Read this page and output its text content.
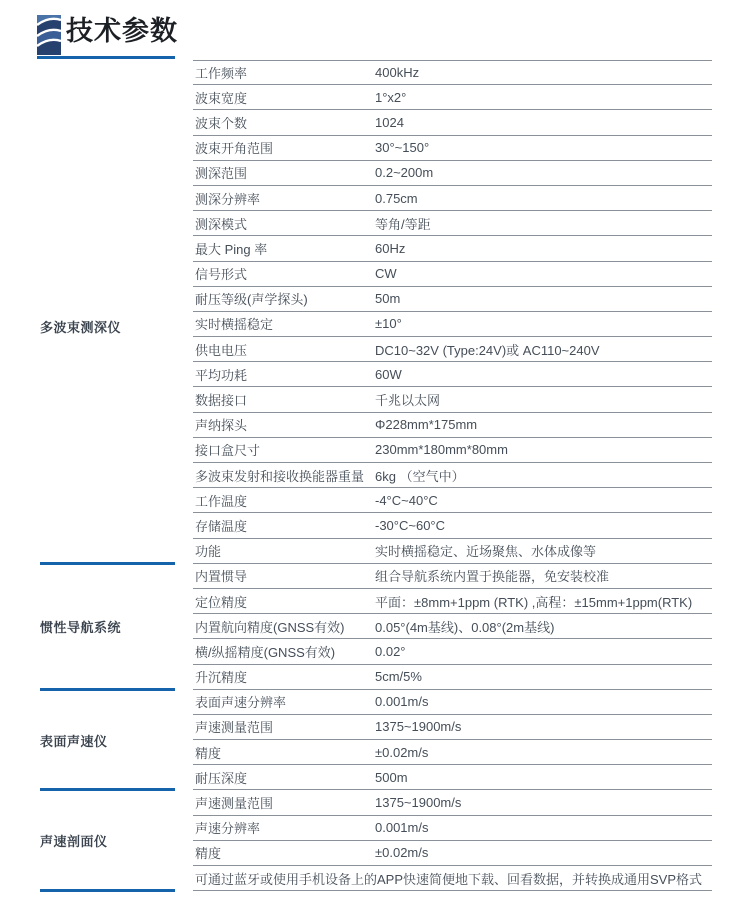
技术参数
多波束测深仪
工作频率	400kHz
波束宽度	1°x2°
波束个数	1024
波束开角范围	30°~150°
测深范围	0.2~200m
测深分辨率	0.75cm
测深模式	等角/等距
最大 Ping 率	60Hz
信号形式	CW
耐压等级(声学探头)	50m
实时横摇稳定	±10°
供电电压	DC10~32V (Type:24V)或 AC110~240V
平均功耗	60W
数据接口	千兆以太网
声纳探头	Φ228mm*175mm
接口盒尺寸	230mm*180mm*80mm
多波束发射和接收换能器重量 6kg （空气中）
工作温度	-4°C~40°C
存储温度	-30°C~60°C
功能	实时横摇稳定、近场聚焦、水体成像等
惯性导航系统
内置惯导	组合导航系统内置于换能器，免安装校准
定位精度	平面：±8mm+1ppm (RTK) ,高程：±15mm+1ppm(RTK)
内置航向精度(GNSS有效)	0.05°(4m基线)、0.08°(2m基线)
横/纵摇精度(GNSS有效)	0.02°
升沉精度	5cm/5%
表面声速仪
表面声速分辨率	0.001m/s
声速测量范围	1375~1900m/s
精度	±0.02m/s
耐压深度	500m
声速剖面仪
声速测量范围	1375~1900m/s
声速分辨率	0.001m/s
精度	±0.02m/s
可通过蓝牙或使用手机设备上的APP快速简便地下载、回看数据，并转换成通用SVP格式
